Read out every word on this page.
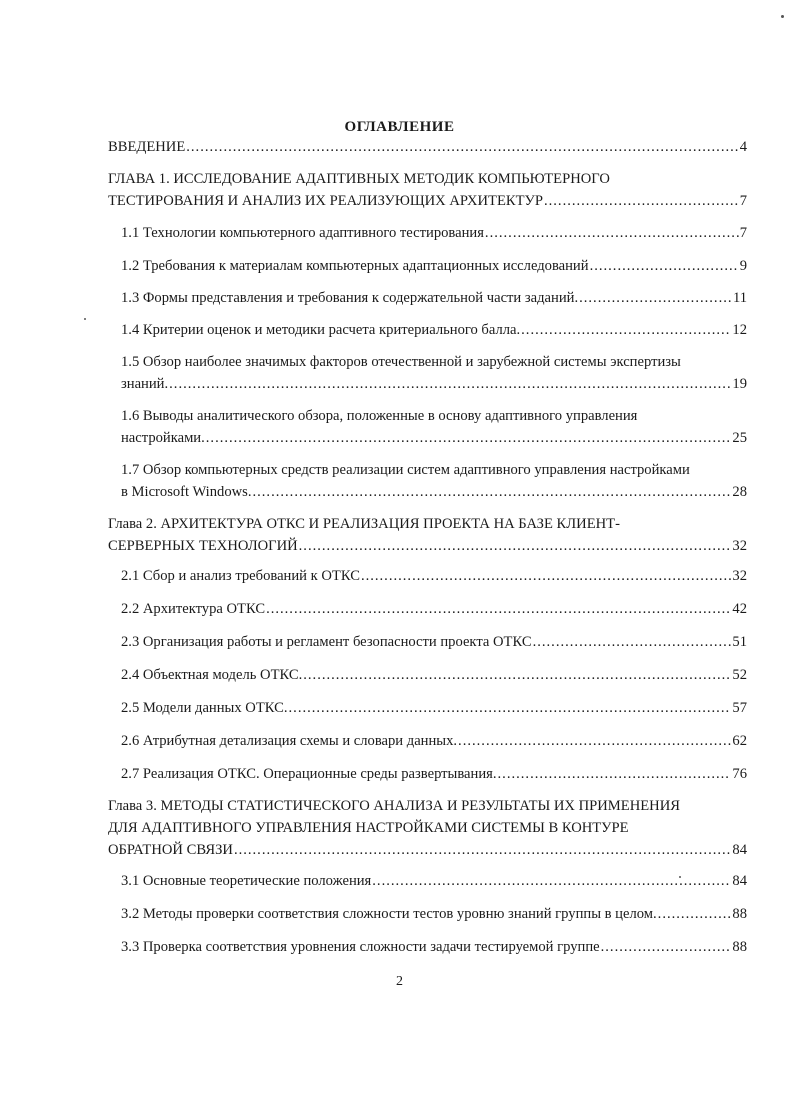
ОГЛАВЛЕНИЕ
ВВЕДЕНИЕ .....	4
ГЛАВА 1. ИССЛЕДОВАНИЕ АДАПТИВНЫХ МЕТОДИК КОМПЬЮТЕРНОГО
ТЕСТИРОВАНИЯ И АНАЛИЗ ИХ РЕАЛИЗУЮЩИХ АРХИТЕКТУР .....	7
1.1 Технологии компьютерного адаптивного тестирования .....	7
1.2 Требования к материалам компьютерных адаптационных исследований .....	9
1.3 Формы представления и требования к содержательной части заданий. .....	11
1.4 Критерии оценок и методики расчета критериального балла. .....	12
1.5 Обзор наиболее значимых факторов отечественной и зарубежной системы экспертизы
знаний. .....	19
1.6 Выводы аналитического обзора, положенные в основу адаптивного управления
настройками. .....	25
1.7 Обзор компьютерных средств реализации систем адаптивного управления настройками
в Microsoft Windows. .....	28
Глава 2. АРХИТЕКТУРА ОТКС И РЕАЛИЗАЦИЯ ПРОЕКТА НА БАЗЕ КЛИЕНТ-
СЕРВЕРНЫХ ТЕХНОЛОГИЙ .....	32
2.1 Сбор и анализ требований к ОТКС .....	32
2.2 Архитектура ОТКС .....	42
2.3 Организация работы и регламент безопасности проекта ОТКС .....	51
2.4 Объектная модель ОТКС. .....	52
2.5 Модели данных ОТКС. .....	57
2.6 Атрибутная детализация схемы и словари данных. .....	62
2.7 Реализация ОТКС. Операционные среды развертывания. .....	76
Глава 3. МЕТОДЫ СТАТИСТИЧЕСКОГО АНАЛИЗА И РЕЗУЛЬТАТЫ ИХ ПРИМЕНЕНИЯ
ДЛЯ АДАПТИВНОГО УПРАВЛЕНИЯ НАСТРОЙКАМИ СИСТЕМЫ В КОНТУРЕ
ОБРАТНОЙ СВЯЗИ .....	84
3.1 Основные теоретические положения .....	84
3.2 Методы проверки соответствия сложности тестов уровню знаний группы в целом. .....	88
3.3 Проверка соответствия уровнения сложности задачи тестируемой группе .....	88
2
